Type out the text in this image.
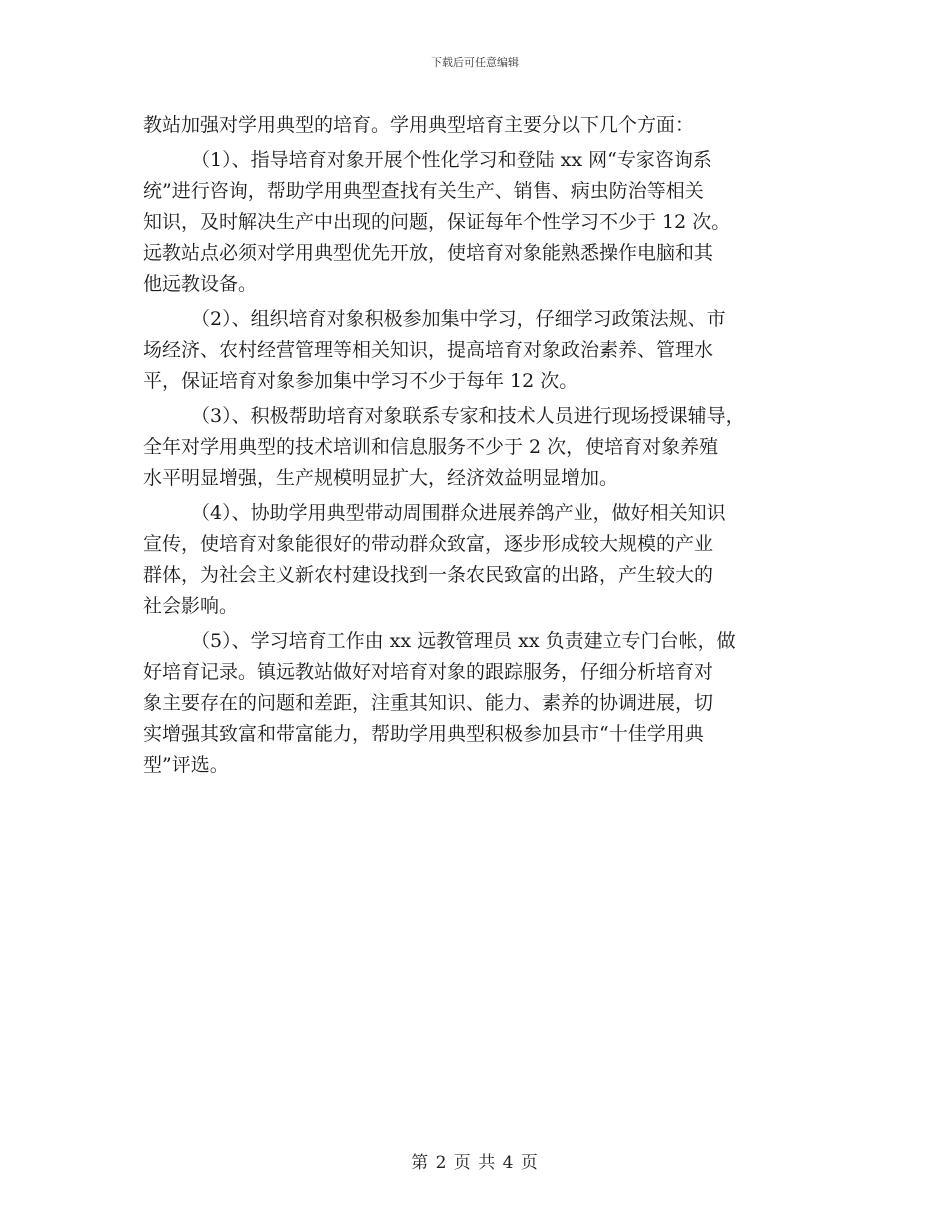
下载后可任意编辑
教站加强对学用典型的培育。学用典型培育主要分以下几个方面：
（1）、指导培育对象开展个性化学习和登陆 xx 网“专家咨询系
统”进行咨询，帮助学用典型查找有关生产、销售、病虫防治等相关
知识，及时解决生产中出现的问题，保证每年个性学习不少于 12 次。
远教站点必须对学用典型优先开放，使培育对象能熟悉操作电脑和其
他远教设备。
（2）、组织培育对象积极参加集中学习，仔细学习政策法规、市
场经济、农村经营管理等相关知识，提高培育对象政治素养、管理水
平，保证培育对象参加集中学习不少于每年 12 次。
（3）、积极帮助培育对象联系专家和技术人员进行现场授课辅导，
全年对学用典型的技术培训和信息服务不少于 2 次，使培育对象养殖
水平明显增强，生产规模明显扩大，经济效益明显增加。
（4）、协助学用典型带动周围群众进展养鸽产业，做好相关知识
宣传，使培育对象能很好的带动群众致富，逐步形成较大规模的产业
群体，为社会主义新农村建设找到一条农民致富的出路，产生较大的
社会影响。
（5）、学习培育工作由 xx 远教管理员 xx 负责建立专门台帐，做
好培育记录。镇远教站做好对培育对象的跟踪服务，仔细分析培育对
象主要存在的问题和差距，注重其知识、能力、素养的协调进展，切
实增强其致富和带富能力，帮助学用典型积极参加县市“十佳学用典
型”评选。
第 2 页 共 4 页
